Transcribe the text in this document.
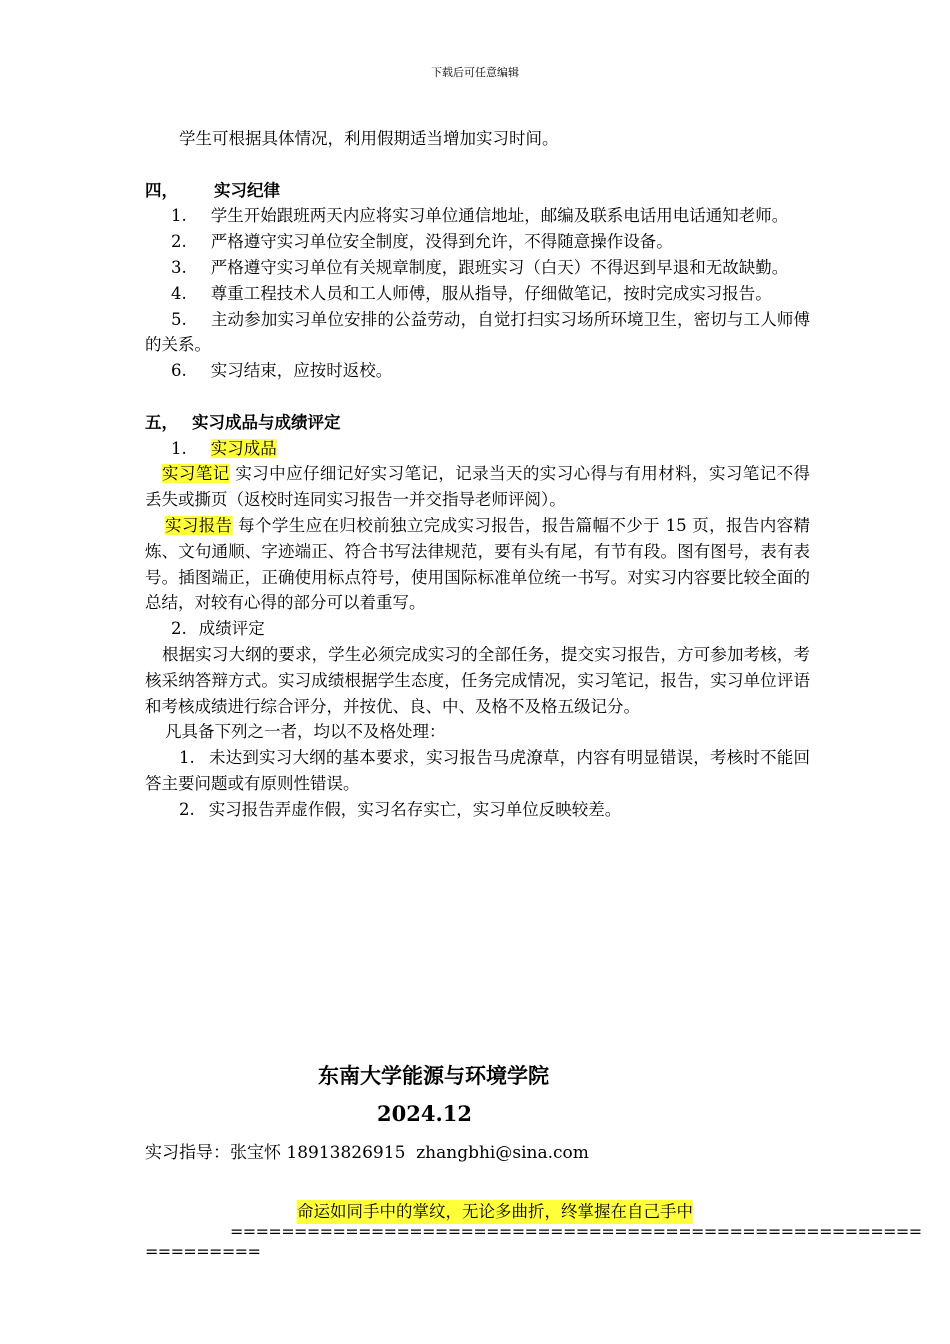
下载后可任意编辑

学生可根据具体情况，利用假期适当增加实习时间。

四， 实习纪律

1. 学生开始跟班两天内应将实习单位通信地址，邮编及联系电话用电话通知老师。

2. 严格遵守实习单位安全制度，没得到允许，不得随意操作设备。

3. 严格遵守实习单位有关规章制度，跟班实习（白天）不得迟到早退和无故缺勤。

4. 尊重工程技术人员和工人师傅，服从指导，仔细做笔记，按时完成实习报告。

5. 主动参加实习单位安排的公益劳动，自觉打扫实习场所环境卫生，密切与工人师傅的关系。

6. 实习结束，应按时返校。

五， 实习成品与成绩评定

1. 实习成品

实习笔记 实习中应仔细记好实习笔记，记录当天的实习心得与有用材料，实习笔记不得丢失或撕页（返校时连同实习报告一并交指导老师评阅）。

实习报告 每个学生应在归校前独立完成实习报告，报告篇幅不少于 15 页，报告内容精炼、文句通顺、字迹端正、符合书写法律规范，要有头有尾，有节有段。图有图号，表有表号。插图端正，正确使用标点符号，使用国际标准单位统一书写。对实习内容要比较全面的总结，对较有心得的部分可以着重写。

2. 成绩评定

根据实习大纲的要求，学生必须完成实习的全部任务，提交实习报告，方可参加考核，考核采纳答辩方式。实习成绩根据学生态度，任务完成情况，实习笔记，报告，实习单位评语和考核成绩进行综合评分，并按优、良、中、及格不及格五级记分。

凡具备下列之一者，均以不及格处理：

1. 未达到实习大纲的基本要求，实习报告马虎潦草，内容有明显错误，考核时不能回答主要问题或有原则性错误。

2. 实习报告弄虚作假，实习名存实亡，实习单位反映较差。

东南大学能源与环境学院
2024.12
实习指导：张宝怀 18913826915 zhangbhi@sina.com
命运如同手中的掌纹，无论多曲折，终掌握在自己手中
======================================================
=========
